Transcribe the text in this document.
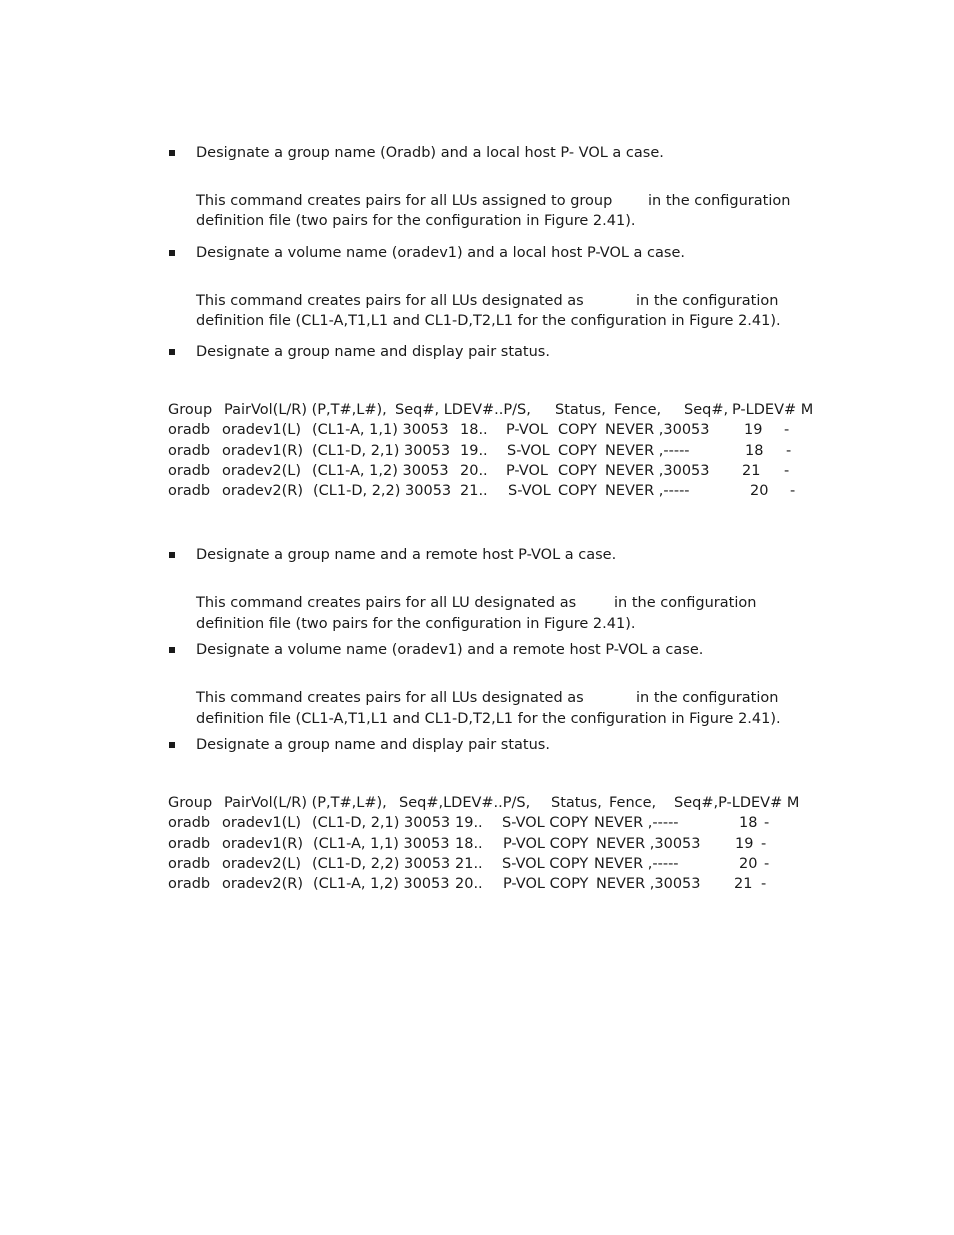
Designate a group name (Oradb) and a local host P- VOL a case.
This command creates pairs for all LUs assigned to group in the configuration
definition file (two pairs for the configuration in Figure 2.41).
Designate a volume name (oradev1) and a local host P-VOL a case.
This command creates pairs for all LUs designated as	in the configuration
definition file (CL1-A,T1,L1 and CL1-D,T2,L1 for the configuration in Figure 2.41).
Designate a group name and display pair status.
Group PairVol(L/R) (P,T#,L#), Seq#, LDEV#..P/S, Status, Fence, Seq#, P-LDEV# M
oradb oradev1(L) (CL1-A, 1,1) 30053 18.. P-VOL COPY NEVER ,30053 19 -
oradb oradev1(R) (CL1-D, 2,1) 30053 19.. S-VOL COPY NEVER ,-----	18 -
oradb oradev2(L) (CL1-A, 1,2) 30053 20.. P-VOL COPY NEVER ,30053 21 -
oradb oradev2(R) (CL1-D, 2,2) 30053 21.. S-VOL COPY NEVER ,-----	20 -
Designate a group name and a remote host P-VOL a case.
This command creates pairs for all LU designated as	in the configuration
definition file (two pairs for the configuration in Figure 2.41).
Designate a volume name (oradev1) and a remote host P-VOL a case.
This command creates pairs for all LUs designated as	in the configuration
definition file (CL1-A,T1,L1 and CL1-D,T2,L1 for the configuration in Figure 2.41).
Designate a group name and display pair status.
Group PairVol(L/R) (P,T#,L#), Seq#,LDEV#..P/S, Status, Fence, Seq#,P-LDEV# M
oradb oradev1(L) (CL1-D, 2,1) 30053 19.. S-VOL COPY NEVER ,-----	18 -
oradb oradev1(R) (CL1-A, 1,1) 30053 18.. P-VOL COPY NEVER ,30053 19 -
oradb oradev2(L) (CL1-D, 2,2) 30053 21.. S-VOL COPY NEVER ,-----	20 -
oradb oradev2(R) (CL1-A, 1,2) 30053 20.. P-VOL COPY NEVER ,30053 21 -
